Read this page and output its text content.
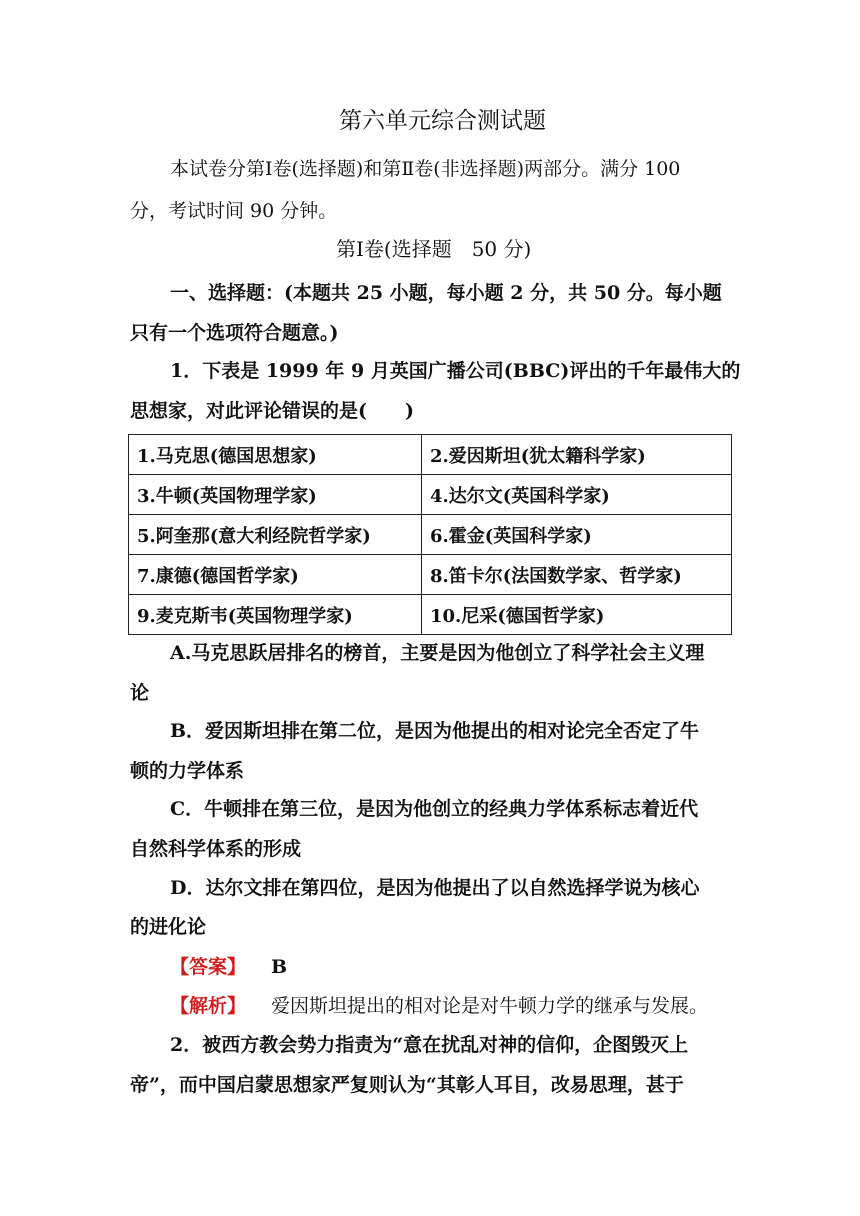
第六单元综合测试题
本试卷分第Ⅰ卷(选择题)和第Ⅱ卷(非选择题)两部分。满分 100
分，考试时间 90 分钟。
第Ⅰ卷(选择题　50 分)
一、选择题：(本题共 25 小题，每小题 2 分，共 50 分。每小题
只有一个选项符合题意。)
1．下表是 1999 年 9 月英国广播公司(BBC)评出的千年最伟大的
思想家，对此评论错误的是(　　)
1.马克思(德国思想家)	2.爱因斯坦(犹太籍科学家)
3.牛顿(英国物理学家)	4.达尔文(英国科学家)
5.阿奎那(意大利经院哲学家)	6.霍金(英国科学家)
7.康德(德国哲学家)	8.笛卡尔(法国数学家、哲学家)
9.麦克斯韦(英国物理学家)	10.尼采(德国哲学家)
A.马克思跃居排名的榜首，主要是因为他创立了科学社会主义理
论
B．爱因斯坦排在第二位，是因为他提出的相对论完全否定了牛
顿的力学体系
C．牛顿排在第三位，是因为他创立的经典力学体系标志着近代
自然科学体系的形成
D．达尔文排在第四位，是因为他提出了以自然选择学说为核心
的进化论
【答案】 B
【解析】 爱因斯坦提出的相对论是对牛顿力学的继承与发展。
2．被西方教会势力指责为“意在扰乱对神的信仰，企图毁灭上
帝”，而中国启蒙思想家严复则认为“其彰人耳目，改易思理，甚于
